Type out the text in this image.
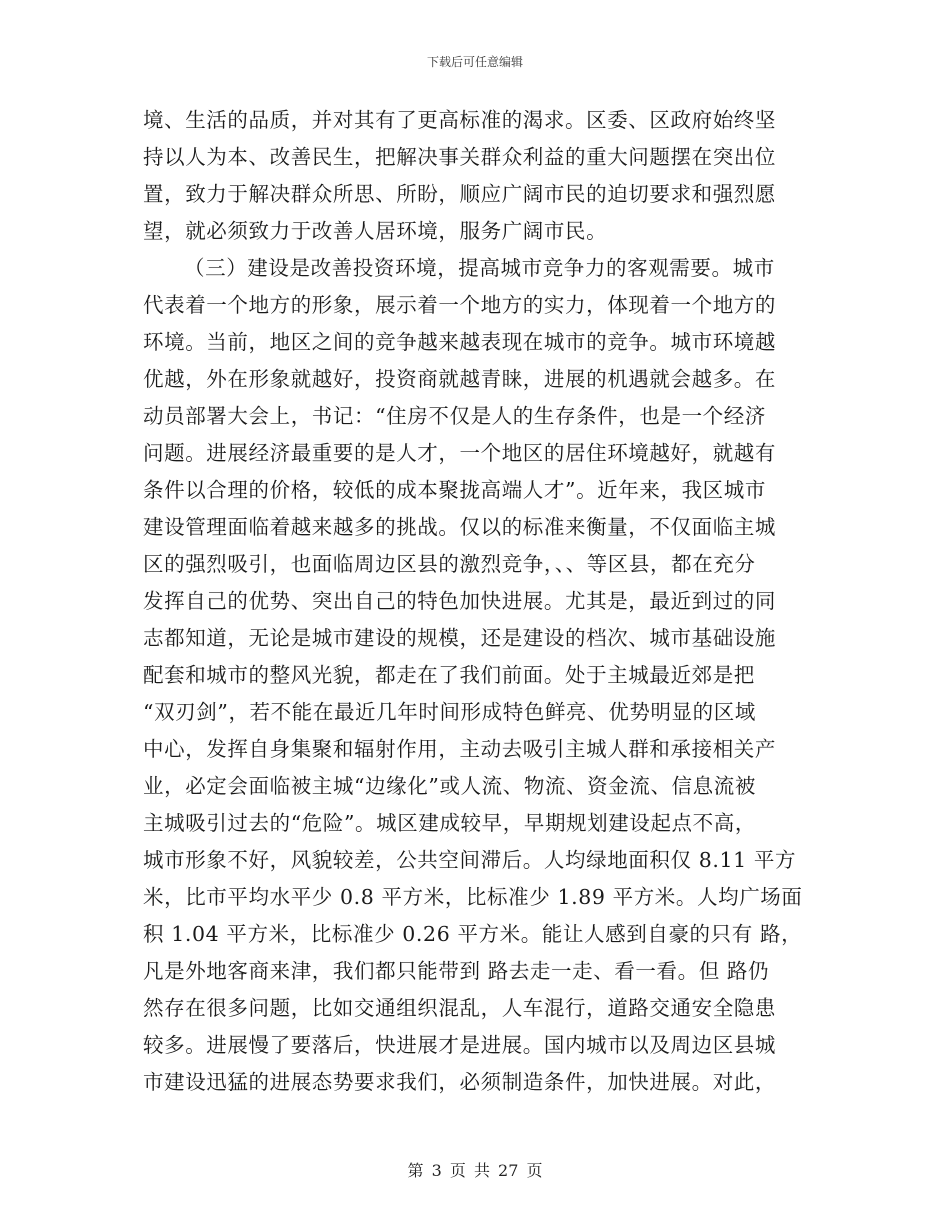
下载后可任意编辑
境、生活的品质，并对其有了更高标准的渴求。区委、区政府始终坚
持以人为本、改善民生，把解决事关群众利益的重大问题摆在突出位
置，致力于解决群众所思、所盼，顺应广阔市民的迫切要求和强烈愿
望，就必须致力于改善人居环境，服务广阔市民。
（三）建设是改善投资环境，提高城市竞争力的客观需要。城市
代表着一个地方的形象，展示着一个地方的实力，体现着一个地方的
环境。当前，地区之间的竞争越来越表现在城市的竞争。城市环境越
优越，外在形象就越好，投资商就越青睐，进展的机遇就会越多。在
动员部署大会上，书记：“住房不仅是人的生存条件，也是一个经济
问题。进展经济最重要的是人才，一个地区的居住环境越好，就越有
条件以合理的价格，较低的成本聚拢高端人才”。近年来，我区城市
建设管理面临着越来越多的挑战。仅以的标准来衡量，不仅面临主城
区的强烈吸引，也面临周边区县的激烈竞争，、、等区县，都在充分
发挥自己的优势、突出自己的特色加快进展。尤其是，最近到过的同
志都知道，无论是城市建设的规模，还是建设的档次、城市基础设施
配套和城市的整风光貌，都走在了我们前面。处于主城最近郊是把
“双刃剑”，若不能在最近几年时间形成特色鲜亮、优势明显的区域
中心，发挥自身集聚和辐射作用，主动去吸引主城人群和承接相关产
业，必定会面临被主城“边缘化”或人流、物流、资金流、信息流被
主城吸引过去的“危险”。城区建成较早，早期规划建设起点不高，
城市形象不好，风貌较差，公共空间滞后。人均绿地面积仅 8.11 平方
米，比市平均水平少 0.8 平方米，比标准少 1.89 平方米。人均广场面
积 1.04 平方米，比标准少 0.26 平方米。能让人感到自豪的只有 路，
凡是外地客商来津，我们都只能带到 路去走一走、看一看。但 路仍
然存在很多问题，比如交通组织混乱，人车混行，道路交通安全隐患
较多。进展慢了要落后，快进展才是进展。国内城市以及周边区县城
市建设迅猛的进展态势要求我们，必须制造条件，加快进展。对此，
第 3 页 共 27 页
